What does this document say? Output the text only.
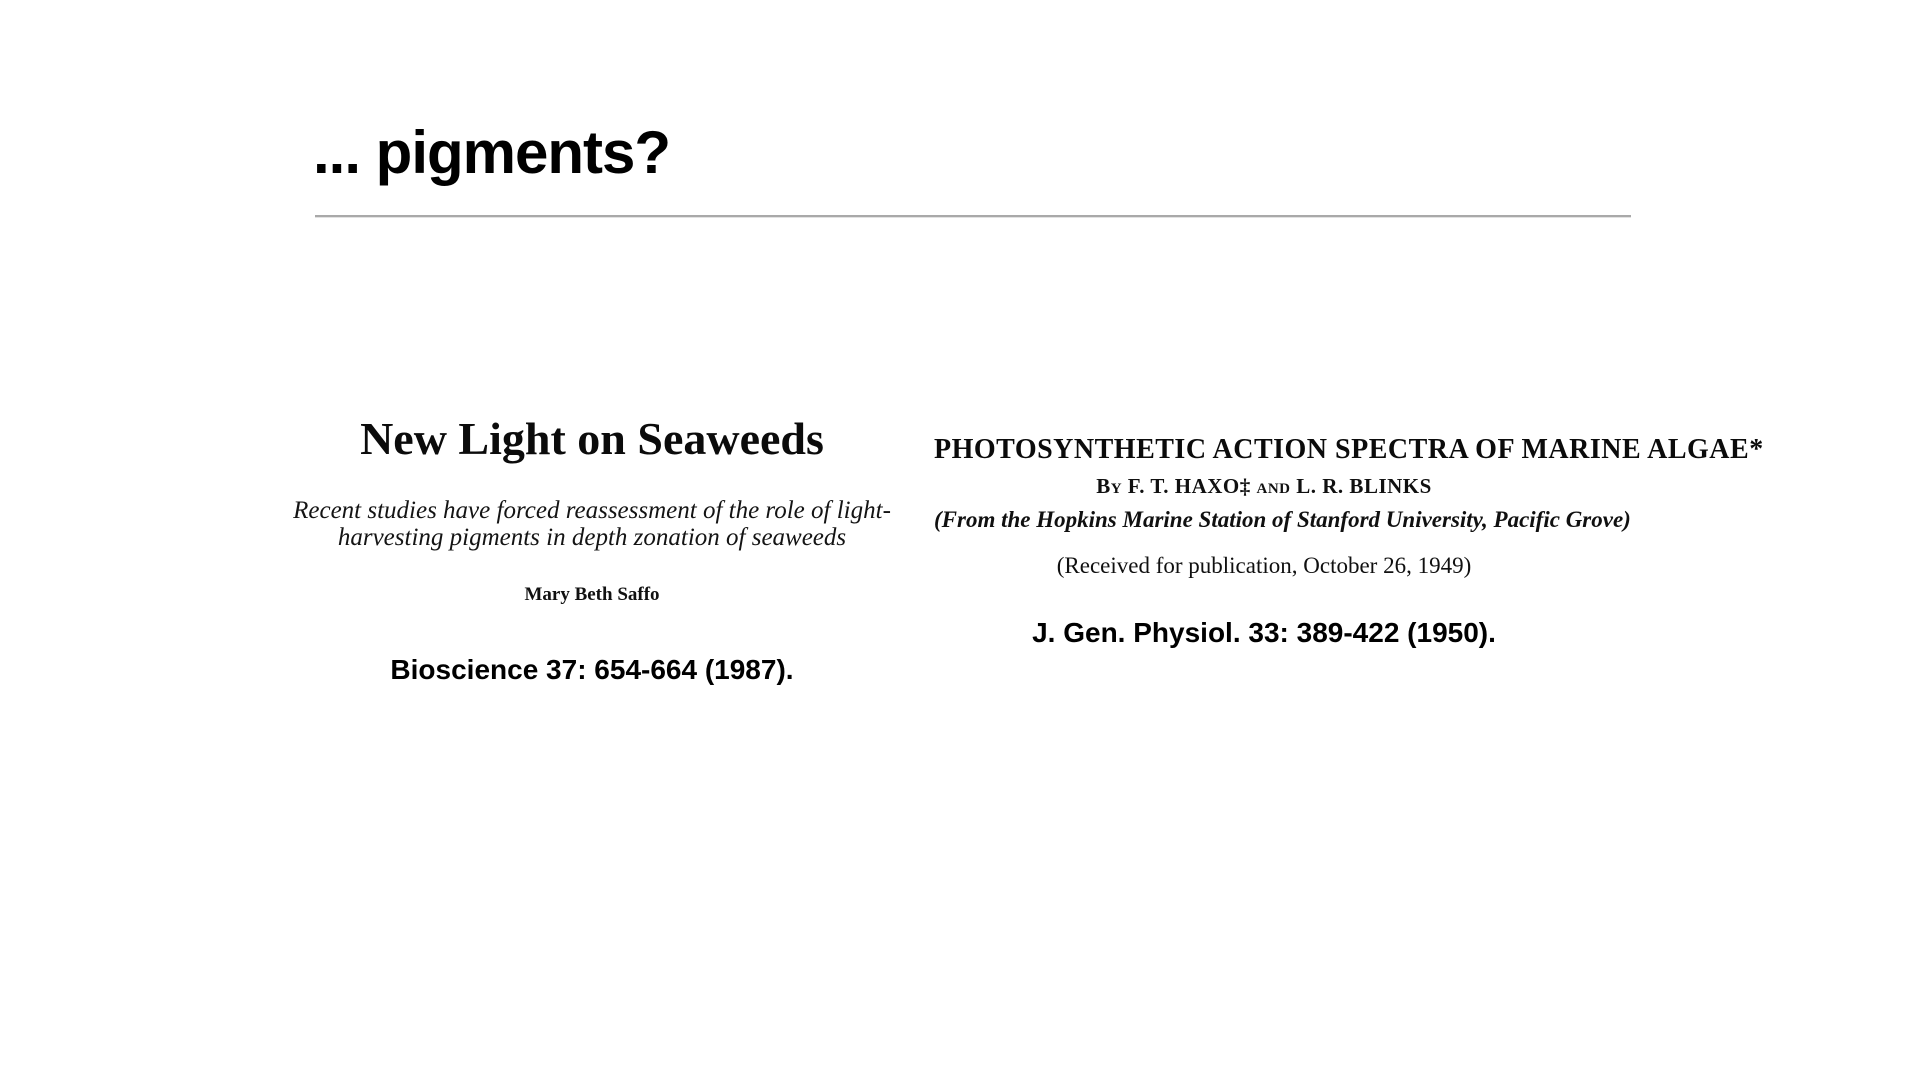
... pigments?
New Light on Seaweeds
Recent studies have forced reassessment of the role of light-
harvesting pigments in depth zonation of seaweeds
Mary Beth Saffo
Bioscience 37: 654-664 (1987).
PHOTOSYNTHETIC ACTION SPECTRA OF MARINE ALGAE*
By F. T. HAXO‡ and L. R. BLINKS
(From the Hopkins Marine Station of Stanford University, Pacific Grove)
(Received for publication, October 26, 1949)
J. Gen. Physiol. 33: 389-422 (1950).
